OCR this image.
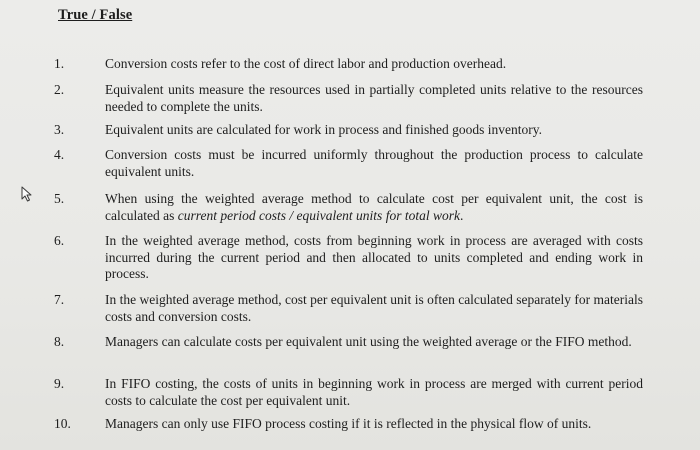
True / False
1.	Conversion costs refer to the cost of direct labor and production overhead.
2.	Equivalent units measure the resources used in partially completed units relative to the resources needed to complete the units.
3.	Equivalent units are calculated for work in process and finished goods inventory.
4.	Conversion costs must be incurred uniformly throughout the production process to calculate equivalent units.
5.	When using the weighted average method to calculate cost per equivalent unit, the cost is calculated as current period costs / equivalent units for total work.
6.	In the weighted average method, costs from beginning work in process are averaged with costs incurred during the current period and then allocated to units completed and ending work in process.
7.	In the weighted average method, cost per equivalent unit is often calculated separately for materials costs and conversion costs.
8.	Managers can calculate costs per equivalent unit using the weighted average or the FIFO method.
9.	In FIFO costing, the costs of units in beginning work in process are merged with current period costs to calculate the cost per equivalent unit.
10.	Managers can only use FIFO process costing if it is reflected in the physical flow of units.
